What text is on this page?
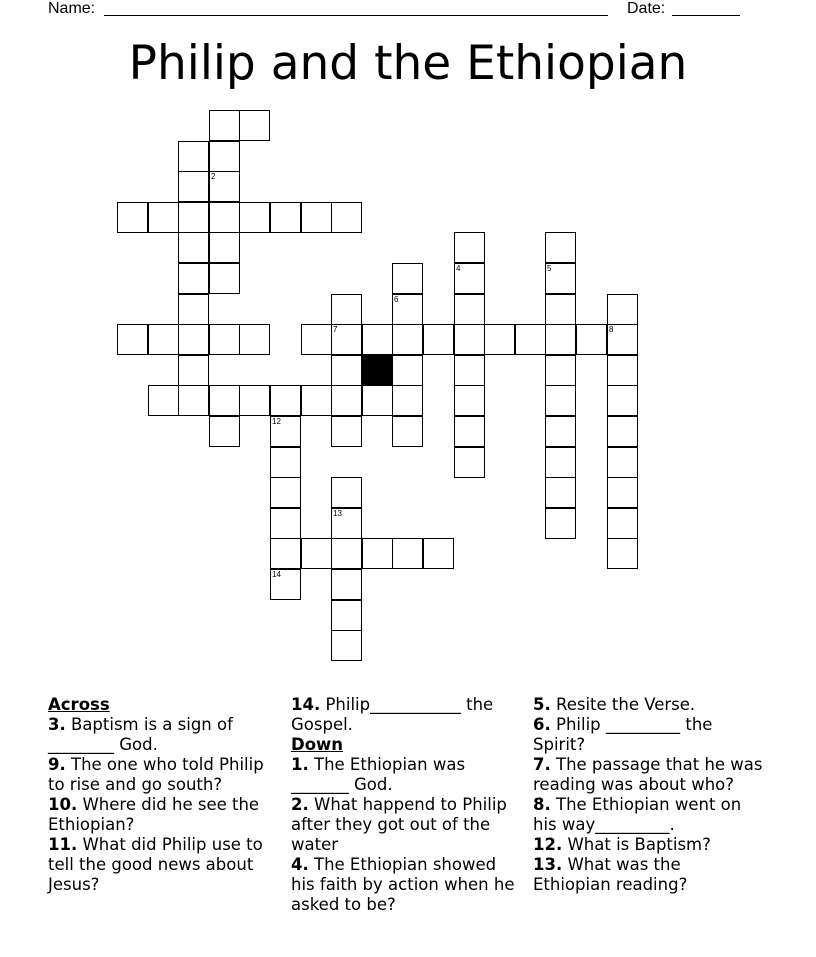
Name:	Date:
Philip and the Ethiopian
2
4	5
6
7	8
12
13
14
Across
3. Baptism is a sign of ________ God.
9. The one who told Philip to rise and go south?
10. Where did he see the Ethiopian?
11. What did Philip use to tell the good news about Jesus?
14. Philip___________ the Gospel.
Down
1. The Ethiopian was _______ God.
2. What happend to Philip after they got out of the water
4. The Ethiopian showed his faith by action when he asked to be?
5. Resite the Verse.
6. Philip _________ the Spirit?
7. The passage that he was reading was about who?
8. The Ethiopian went on his way_________.
12. What is Baptism?
13. What was the Ethiopian reading?
